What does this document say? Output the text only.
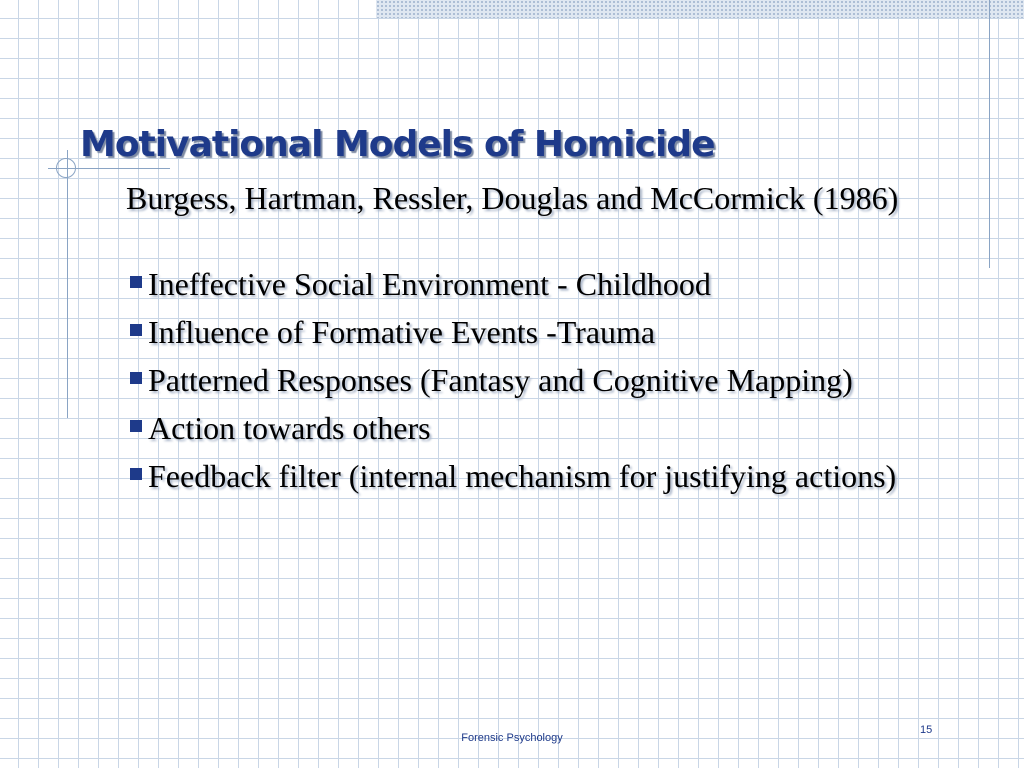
Motivational Models of Homicide

Burgess, Hartman, Ressler, Douglas and McCormick (1986)

Ineffective Social Environment - Childhood
Influence of Formative Events -Trauma
Patterned Responses (Fantasy and Cognitive Mapping)
Action towards others
Feedback filter (internal mechanism for justifying actions)
Forensic Psychology
15
